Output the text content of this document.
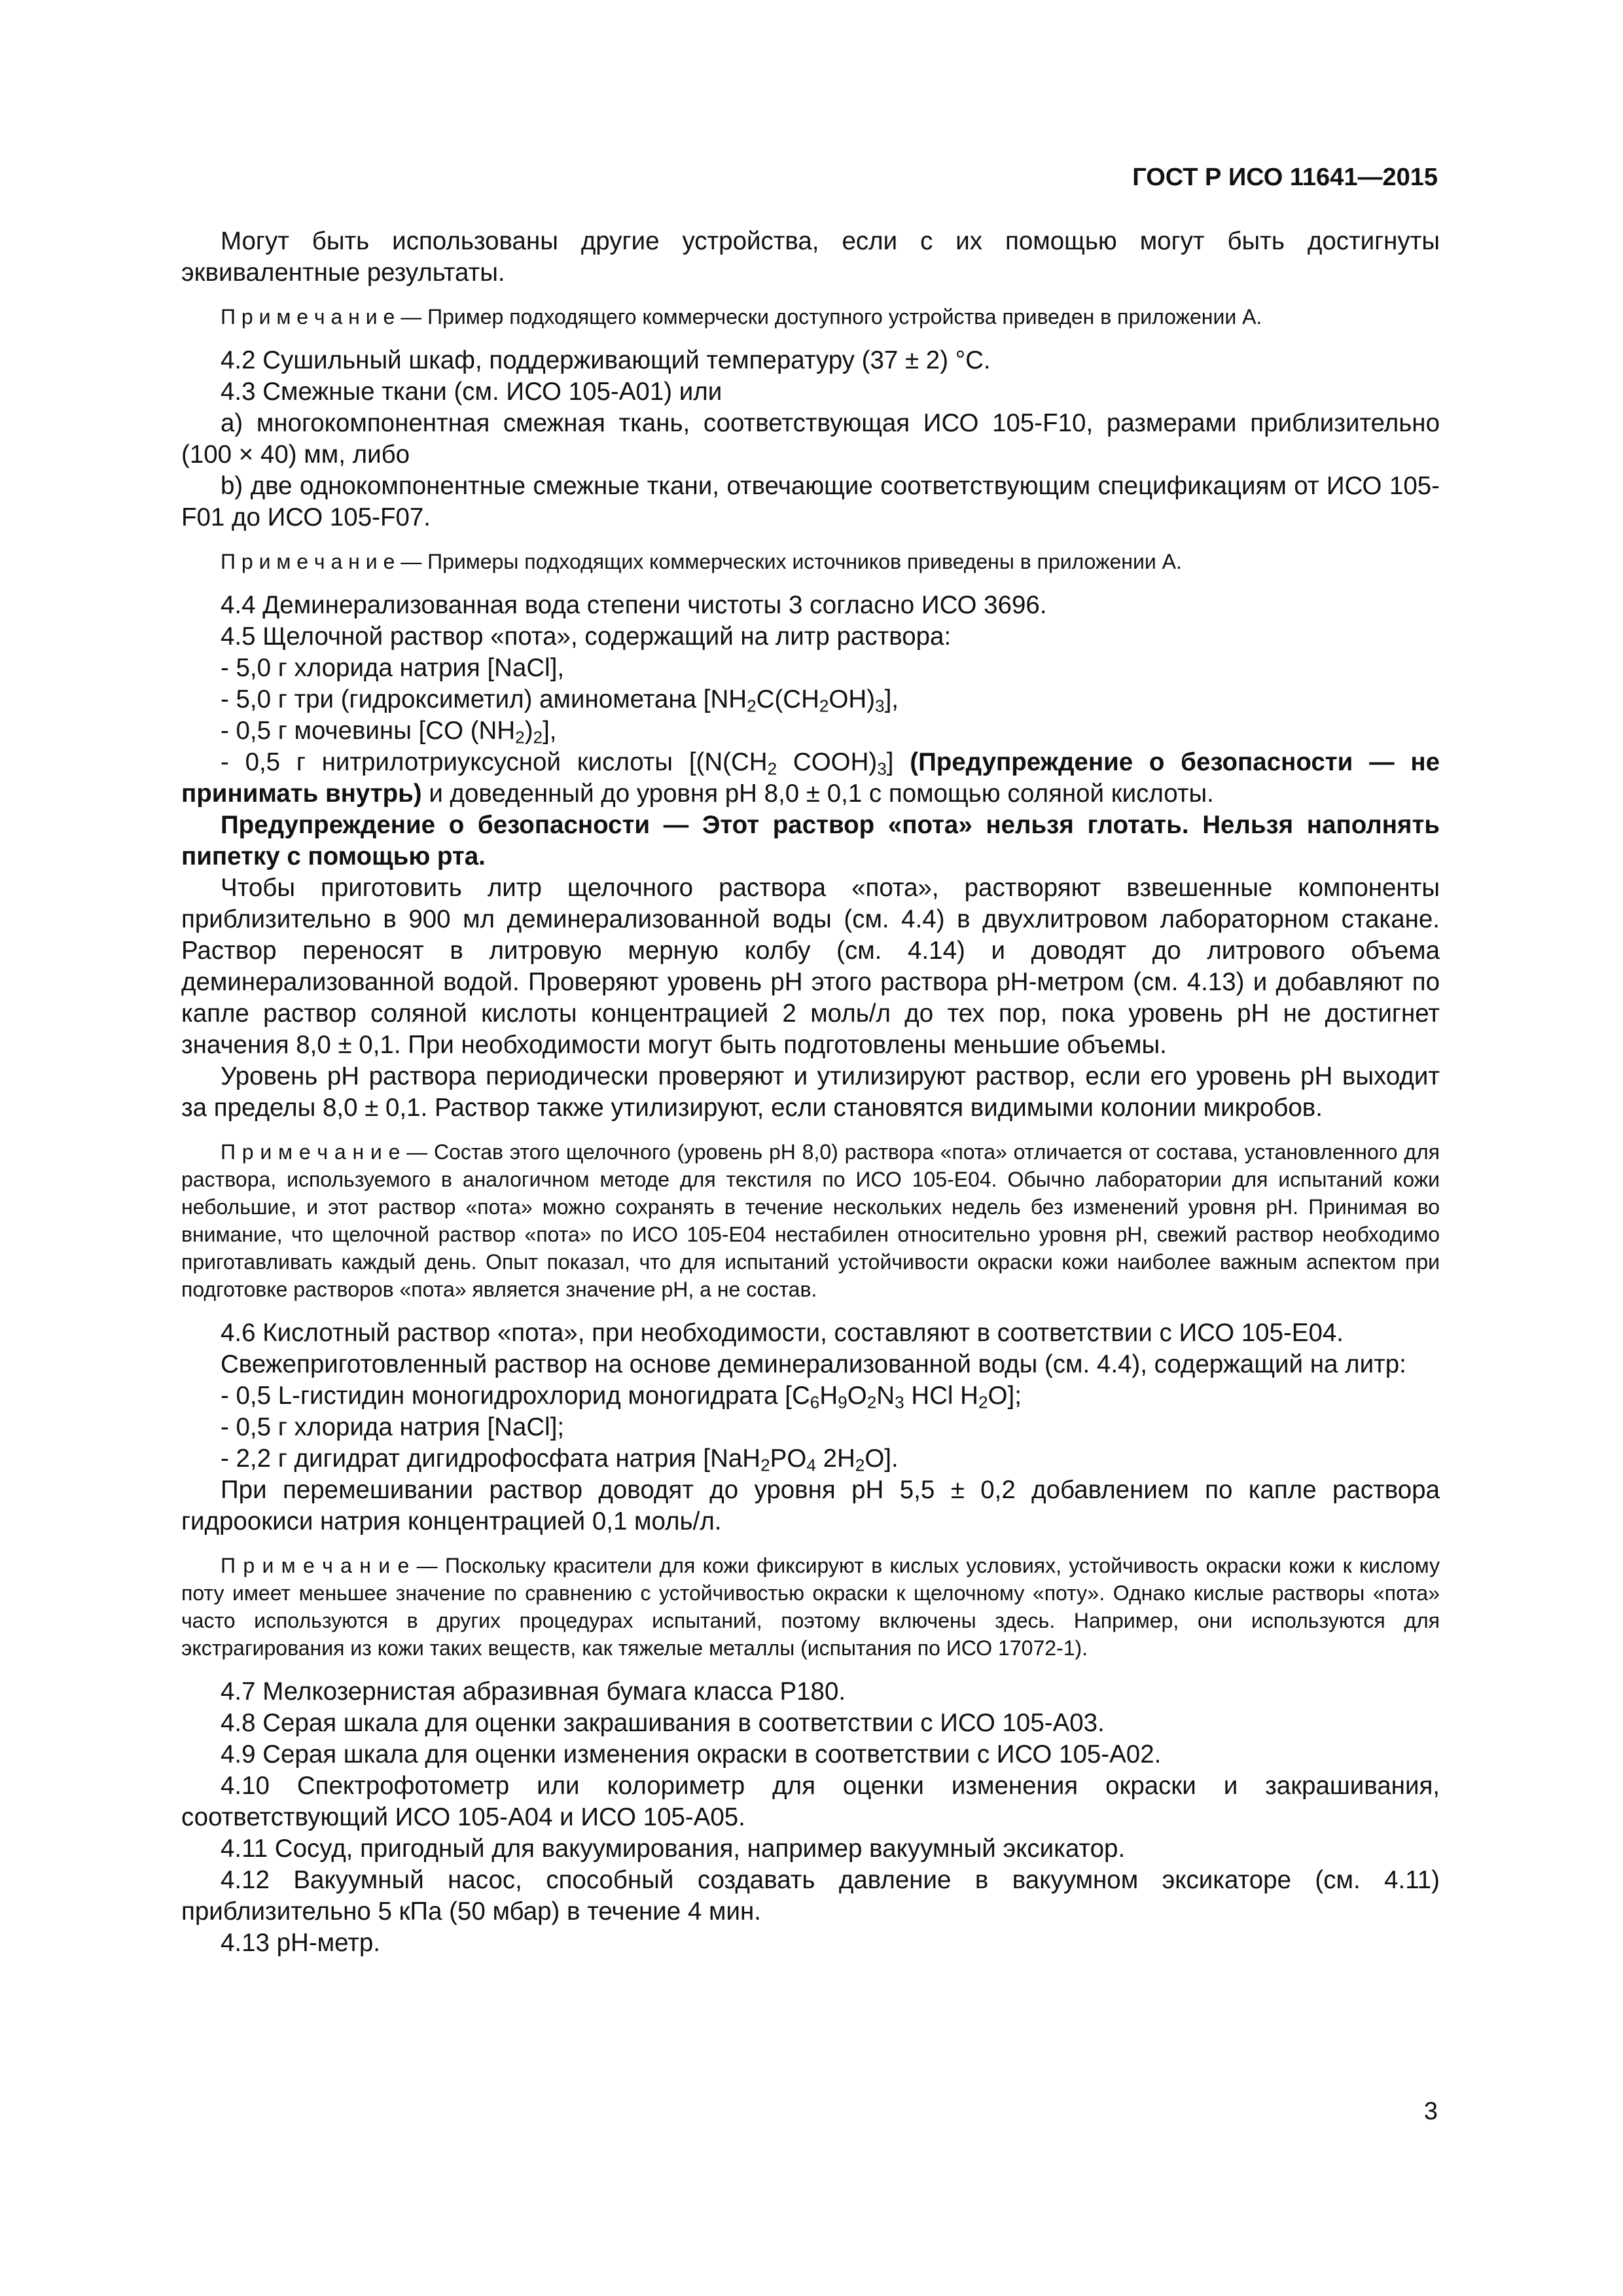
ГОСТ Р ИСО 11641—2015

Могут быть использованы другие устройства, если с их помощью могут быть достигнуты эквивалентные результаты.

П р и м е ч а н и е — Пример подходящего коммерчески доступного устройства приведен в приложении А.

4.2 Сушильный шкаф, поддерживающий температуру (37 ± 2) °С.

4.3 Смежные ткани (см. ИСО 105-А01) или

a) многокомпонентная смежная ткань, соответствующая ИСО 105-F10, размерами приблизительно (100 × 40) мм, либо

b) две однокомпонентные смежные ткани, отвечающие соответствующим спецификациям от ИСО 105-F01 до ИСО 105-F07.

П р и м е ч а н и е — Примеры подходящих коммерческих источников приведены в приложении А.

4.4 Деминерализованная вода степени чистоты 3 согласно ИСО 3696.

4.5 Щелочной раствор «пота», содержащий на литр раствора:

- 5,0 г хлорида натрия [NaCl],

- 5,0 г три (гидроксиметил) аминометана $[NH_2C(CH_2OH)_3]$,

- 0,5 г мочевины [CO $(NH_2)_2$],

- 0,5 г нитрилотриуксусной кислоты [($N(CH_2$ $COOH)_3$] (Предупреждение о безопасности — не принимать внутрь) и доведенный до уровня рН 8,0 ± 0,1 с помощью соляной кислоты.

Предупреждение о безопасности — Этот раствор «пота» нельзя глотать. Нельзя наполнять пипетку с помощью рта.

Чтобы приготовить литр щелочного раствора «пота», растворяют взвешенные компоненты приблизительно в 900 мл деминерализованной воды (см. 4.4) в двухлитровом лабораторном стакане. Раствор переносят в литровую мерную колбу (см. 4.14) и доводят до литрового объема деминерализованной водой. Проверяют уровень рН этого раствора рН-метром (см. 4.13) и добавляют по капле раствор соляной кислоты концентрацией 2 моль/л до тех пор, пока уровень рН не достигнет значения 8,0 ± 0,1. При необходимости могут быть подготовлены меньшие объемы.

Уровень рН раствора периодически проверяют и утилизируют раствор, если его уровень рН выходит за пределы 8,0 ± 0,1. Раствор также утилизируют, если становятся видимыми колонии микробов.

П р и м е ч а н и е — Состав этого щелочного (уровень рН 8,0) раствора «пота» отличается от состава, установленного для раствора, используемого в аналогичном методе для текстиля по ИСО 105-Е04. Обычно лаборатории для испытаний кожи небольшие, и этот раствор «пота» можно сохранять в течение нескольких недель без изменений уровня рН. Принимая во внимание, что щелочной раствор «пота» по ИСО 105-Е04 нестабилен относительно уровня рН, свежий раствор необходимо приготавливать каждый день. Опыт показал, что для испытаний устойчивости окраски кожи наиболее важным аспектом при подготовке растворов «пота» является значение рН, а не состав.

4.6 Кислотный раствор «пота», при необходимости, составляют в соответствии с ИСО 105-Е04.

Свежеприготовленный раствор на основе деминерализованной воды (см. 4.4), содержащий на литр:

- 0,5 L-гистидин моногидрохлорид моногидрата [$C_6H_9O_2N_3$ HCl $H_2O$];

- 0,5 г хлорида натрия [NaCl];

- 2,2 г дигидрат дигидрофосфата натрия [$NaH_2PO_4$ $2H_2O$].

При перемешивании раствор доводят до уровня рН 5,5 ± 0,2 добавлением по капле раствора гидроокиси натрия концентрацией 0,1 моль/л.

П р и м е ч а н и е — Поскольку красители для кожи фиксируют в кислых условиях, устойчивость окраски кожи к кислому поту имеет меньшее значение по сравнению с устойчивостью окраски к щелочному «поту». Однако кислые растворы «пота» часто используются в других процедурах испытаний, поэтому включены здесь. Например, они используются для экстрагирования из кожи таких веществ, как тяжелые металлы (испытания по ИСО 17072-1).

4.7 Мелкозернистая абразивная бумага класса Р180.

4.8 Серая шкала для оценки закрашивания в соответствии с ИСО 105-А03.

4.9 Серая шкала для оценки изменения окраски в соответствии с ИСО 105-А02.

4.10 Спектрофотометр или колориметр для оценки изменения окраски и закрашивания, соответствующий ИСО 105-А04 и ИСО 105-А05.

4.11 Сосуд, пригодный для вакуумирования, например вакуумный эксикатор.

4.12 Вакуумный насос, способный создавать давление в вакуумном эксикаторе (см. 4.11) приблизительно 5 кПа (50 мбар) в течение 4 мин.

4.13 рН-метр.

3
